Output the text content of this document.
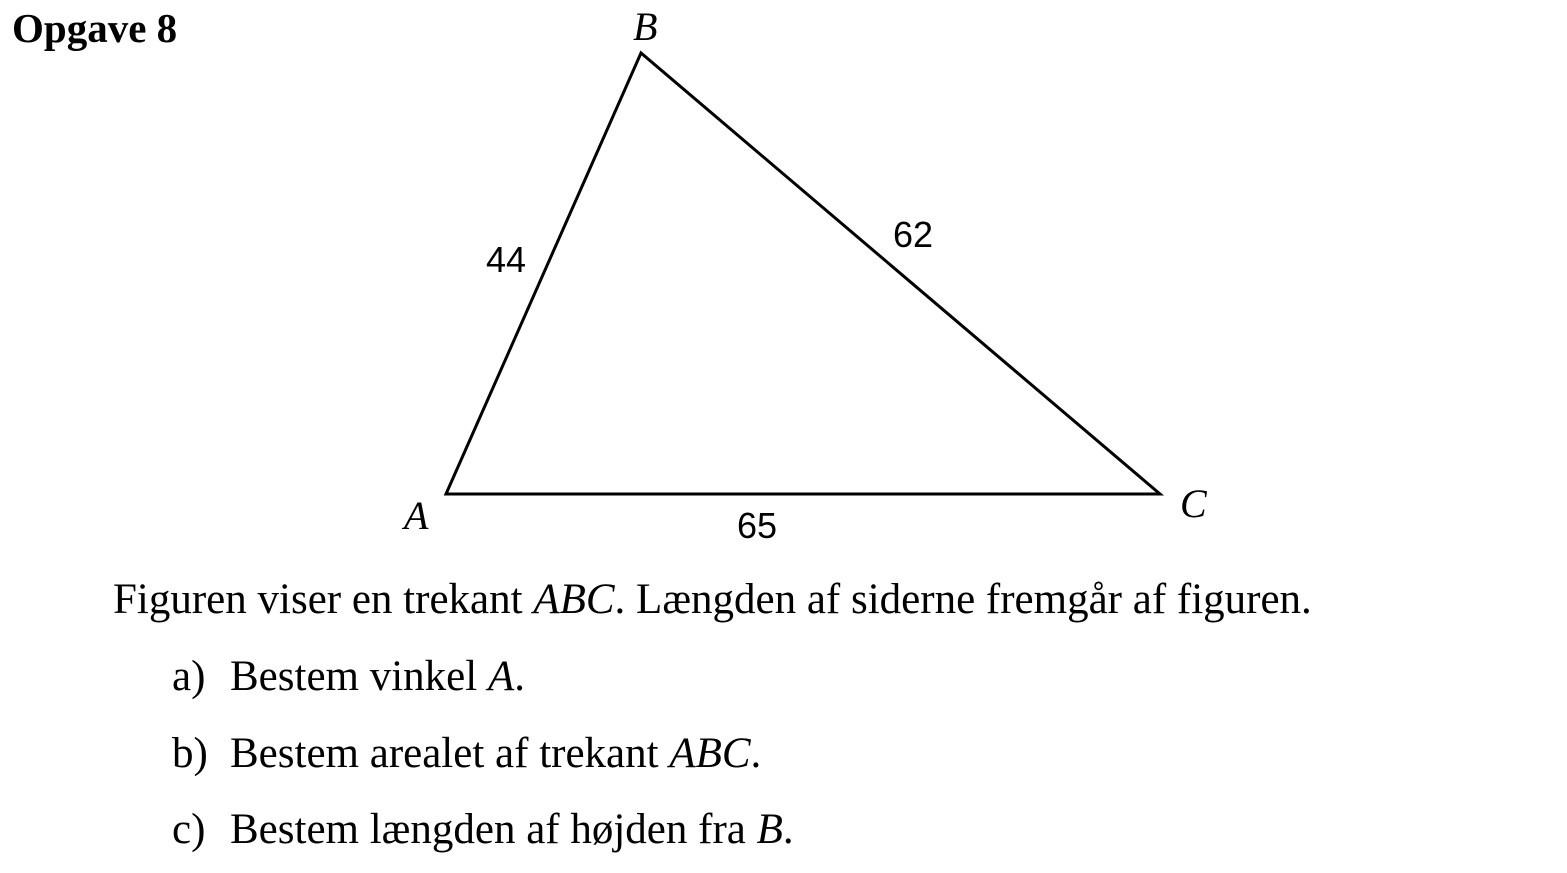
Opgave 8	B
A	C
44
62
65
Figuren viser en trekant ABC. Længden af siderne fremgår af figuren.
a) Bestem vinkel A.
b) Bestem arealet af trekant ABC.
c) Bestem længden af højden fra B.
